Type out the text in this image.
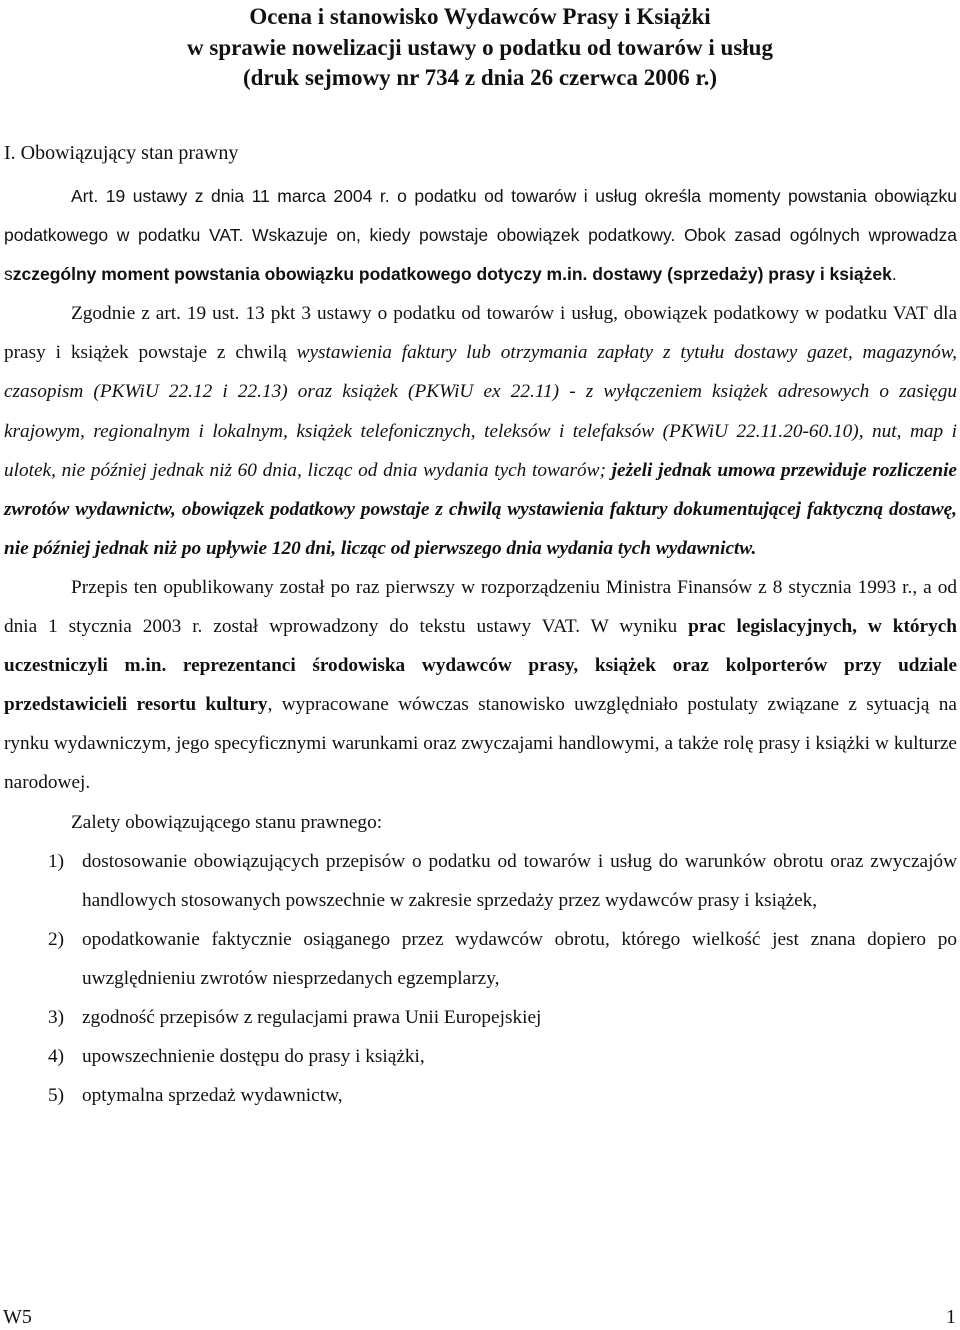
Ocena i stanowisko Wydawców Prasy i Książki
w sprawie nowelizacji ustawy o podatku od towarów i usług
(druk sejmowy nr 734 z dnia 26 czerwca 2006 r.)
I. Obowiązujący stan prawny

Art. 19 ustawy z dnia 11 marca 2004 r. o podatku od towarów i usług określa momenty powstania obowiązku podatkowego w podatku VAT. Wskazuje on, kiedy powstaje obowiązek podatkowy. Obok zasad ogólnych wprowadza szczególny moment powstania obowiązku podatkowego dotyczy m.in. dostawy (sprzedaży) prasy i książek.

Zgodnie z art. 19 ust. 13 pkt 3 ustawy o podatku od towarów i usług, obowiązek podatkowy w podatku VAT dla prasy i książek powstaje z chwilą wystawienia faktury lub otrzymania zapłaty z tytułu dostawy gazet, magazynów, czasopism (PKWiU 22.12 i 22.13) oraz książek (PKWiU ex 22.11) - z wyłączeniem książek adresowych o zasięgu krajowym, regionalnym i lokalnym, książek telefonicznych, teleksów i telefaksów (PKWiU 22.11.20-60.10), nut, map i ulotek, nie później jednak niż 60 dnia, licząc od dnia wydania tych towarów; jeżeli jednak umowa przewiduje rozliczenie zwrotów wydawnictw, obowiązek podatkowy powstaje z chwilą wystawienia faktury dokumentującej faktyczną dostawę, nie później jednak niż po upływie 120 dni, licząc od pierwszego dnia wydania tych wydawnictw.

Przepis ten opublikowany został po raz pierwszy w rozporządzeniu Ministra Finansów z 8 stycznia 1993 r., a od dnia 1 stycznia 2003 r. został wprowadzony do tekstu ustawy VAT. W wyniku prac legislacyjnych, w których uczestniczyli m.in. reprezentanci środowiska wydawców prasy, książek oraz kolporterów przy udziale przedstawicieli resortu kultury, wypracowane wówczas stanowisko uwzględniało postulaty związane z sytuacją na rynku wydawniczym, jego specyficznymi warunkami oraz zwyczajami handlowymi, a także rolę prasy i książki w kulturze narodowej.

Zalety obowiązującego stanu prawnego:

1) dostosowanie obowiązujących przepisów o podatku od towarów i usług do warunków obrotu oraz zwyczajów handlowych stosowanych powszechnie w zakresie sprzedaży przez wydawców prasy i książek,
2) opodatkowanie faktycznie osiąganego przez wydawców obrotu, którego wielkość jest znana dopiero po uwzględnieniu zwrotów niesprzedanych egzemplarzy,
3) zgodność przepisów z regulacjami prawa Unii Europejskiej
4) upowszechnienie dostępu do prasy i książki,
5) optymalna sprzedaż wydawnictw,
W5	1
